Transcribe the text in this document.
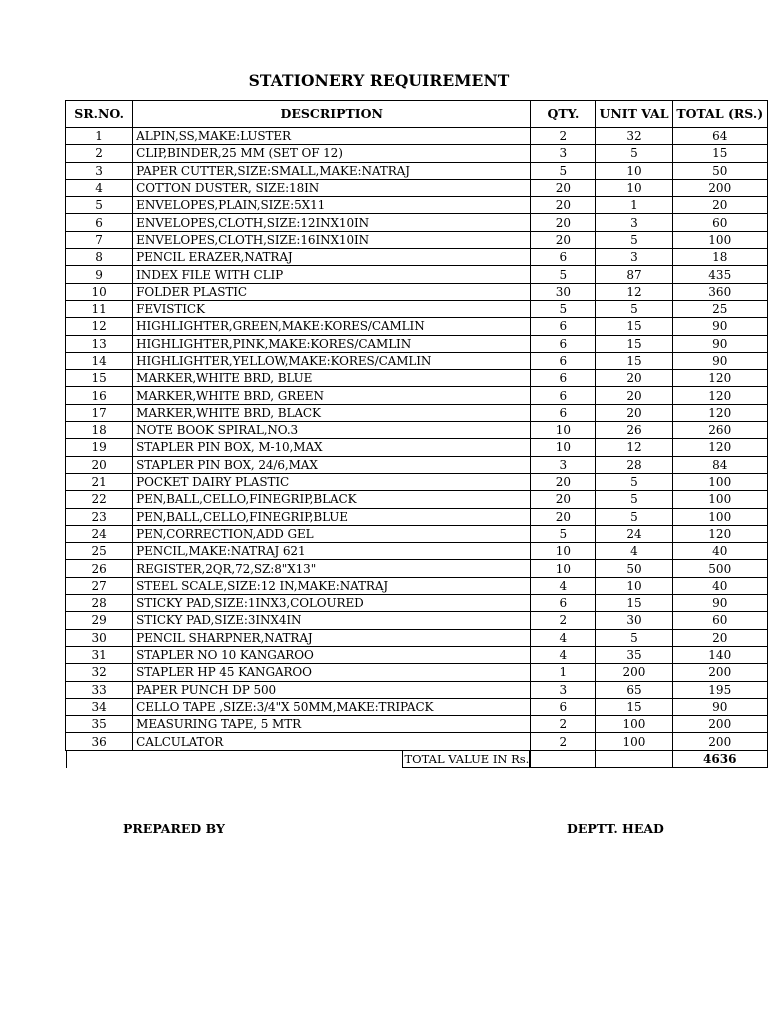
STATIONERY REQUIREMENT
SR.NO.	DESCRIPTION	QTY.	UNIT VAL	TOTAL (RS.)
1	ALPIN,SS,MAKE:LUSTER	2	32	64
2	CLIP,BINDER,25 MM (SET OF 12)	3	5	15
3	PAPER CUTTER,SIZE:SMALL,MAKE:NATRAJ	5	10	50
4	COTTON DUSTER, SIZE:18IN	20	10	200
5	ENVELOPES,PLAIN,SIZE:5X11	20	1	20
6	ENVELOPES,CLOTH,SIZE:12INX10IN	20	3	60
7	ENVELOPES,CLOTH,SIZE:16INX10IN	20	5	100
8	PENCIL ERAZER,NATRAJ	6	3	18
9	INDEX FILE WITH CLIP	5	87	435
10	FOLDER PLASTIC	30	12	360
11	FEVISTICK	5	5	25
12	HIGHLIGHTER,GREEN,MAKE:KORES/CAMLIN	6	15	90
13	HIGHLIGHTER,PINK,MAKE:KORES/CAMLIN	6	15	90
14	HIGHLIGHTER,YELLOW,MAKE:KORES/CAMLIN	6	15	90
15	MARKER,WHITE BRD, BLUE	6	20	120
16	MARKER,WHITE BRD, GREEN	6	20	120
17	MARKER,WHITE BRD, BLACK	6	20	120
18	NOTE BOOK SPIRAL,NO.3	10	26	260
19	STAPLER PIN BOX, M-10,MAX	10	12	120
20	STAPLER PIN BOX, 24/6,MAX	3	28	84
21	POCKET DAIRY PLASTIC	20	5	100
22	PEN,BALL,CELLO,FINEGRIP,BLACK	20	5	100
23	PEN,BALL,CELLO,FINEGRIP,BLUE	20	5	100
24	PEN,CORRECTION,ADD GEL	5	24	120
25	PENCIL,MAKE:NATRAJ 621	10	4	40
26	REGISTER,2QR,72,SZ:8"X13"	10	50	500
27	STEEL SCALE,SIZE:12 IN,MAKE:NATRAJ	4	10	40
28	STICKY PAD,SIZE:1INX3,COLOURED	6	15	90
29	STICKY PAD,SIZE:3INX4IN	2	30	60
30	PENCIL SHARPNER,NATRAJ	4	5	20
31	STAPLER NO 10 KANGAROO	4	35	140
32	STAPLER HP 45 KANGAROO	1	200	200
33	PAPER PUNCH DP 500	3	65	195
34	CELLO TAPE ,SIZE:3/4"X 50MM,MAKE:TRIPACK	6	15	90
35	MEASURING TAPE, 5 MTR	2	100	200
36	CALCULATOR	2	100	200

TOTAL VALUE IN Rs.				4636
PREPARED BY	DEPTT. HEAD
